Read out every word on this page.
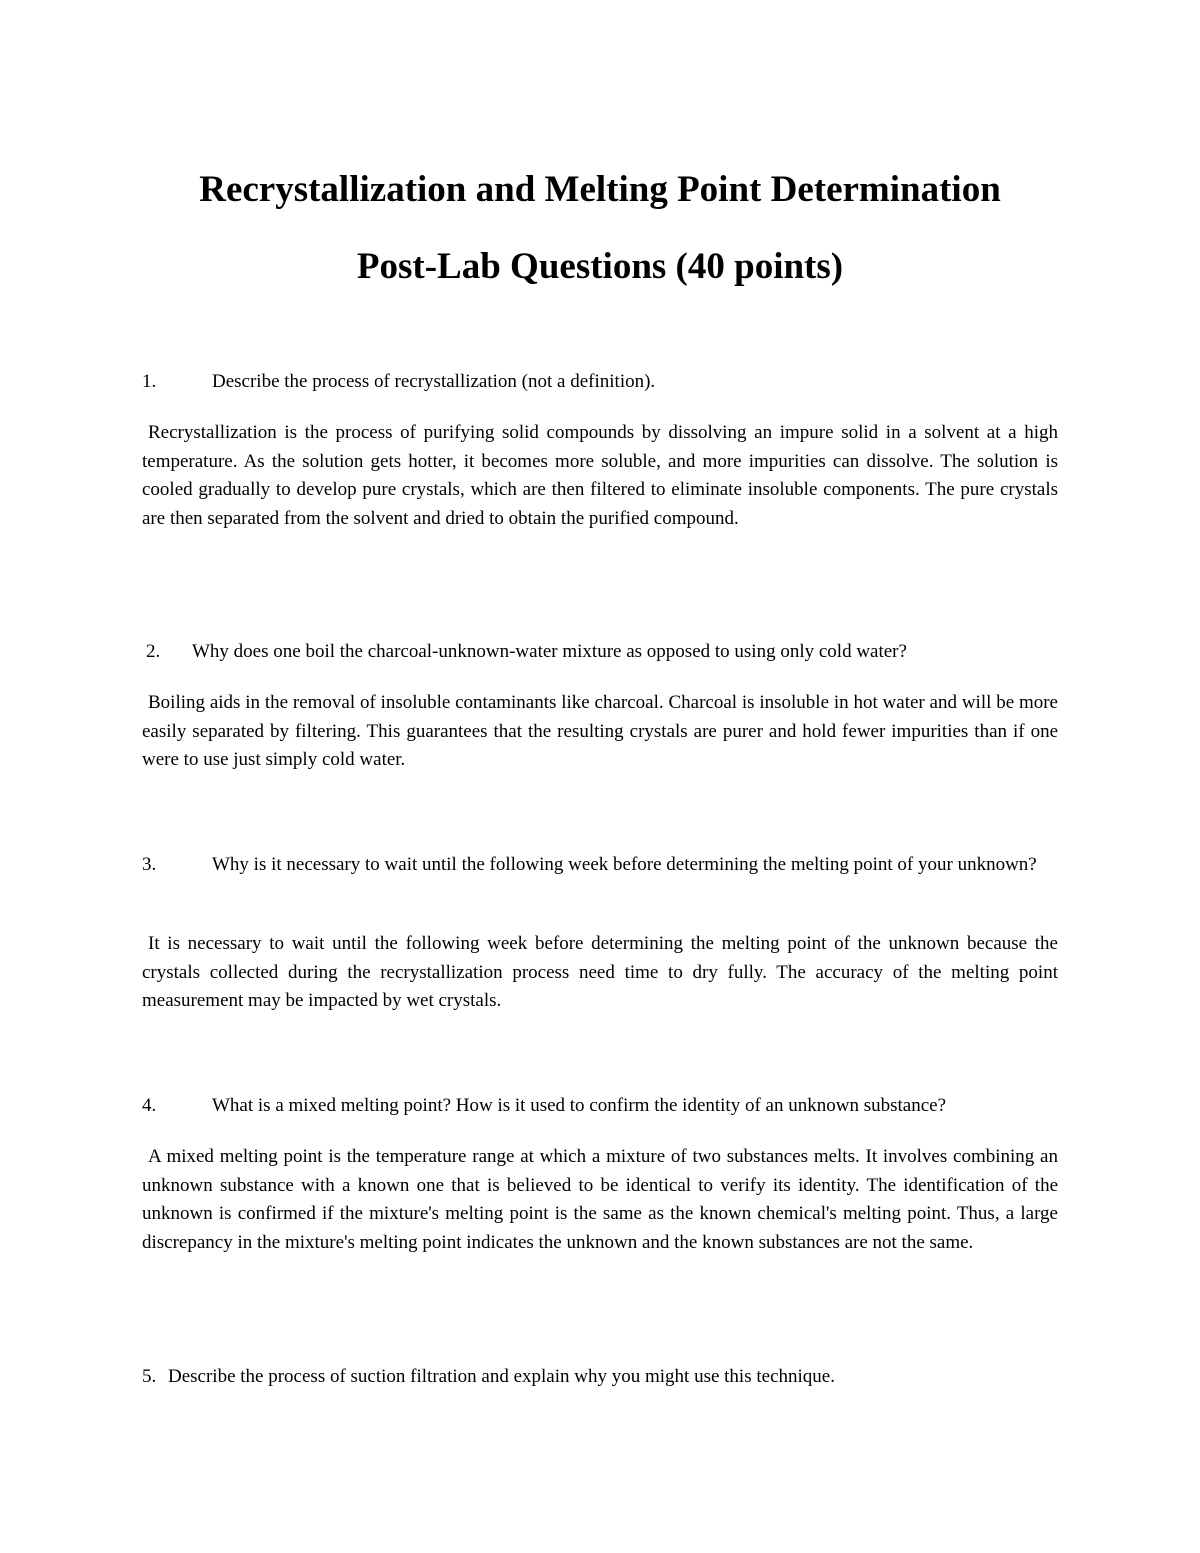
Recrystallization and Melting Point Determination
Post-Lab Questions (40 points)
1.	Describe the process of recrystallization (not a definition).

Recrystallization is the process of purifying solid compounds by dissolving an impure solid in a solvent at a high temperature. As the solution gets hotter, it becomes more soluble, and more impurities can dissolve. The solution is cooled gradually to develop pure crystals, which are then filtered to eliminate insoluble components. The pure crystals are then separated from the solvent and dried to obtain the purified compound.

2. Why does one boil the charcoal-unknown-water mixture as opposed to using only cold water?

Boiling aids in the removal of insoluble contaminants like charcoal. Charcoal is insoluble in hot water and will be more easily separated by filtering. This guarantees that the resulting crystals are purer and hold fewer impurities than if one were to use just simply cold water.

3.	Why is it necessary to wait until the following week before determining the melting point of your unknown?

It is necessary to wait until the following week before determining the melting point of the unknown because the crystals collected during the recrystallization process need time to dry fully. The accuracy of the melting point measurement may be impacted by wet crystals.

4.	What is a mixed melting point? How is it used to confirm the identity of an unknown substance?

A mixed melting point is the temperature range at which a mixture of two substances melts. It involves combining an unknown substance with a known one that is believed to be identical to verify its identity. The identification of the unknown is confirmed if the mixture's melting point is the same as the known chemical's melting point. Thus, a large discrepancy in the mixture's melting point indicates the unknown and the known substances are not the same.

5. Describe the process of suction filtration and explain why you might use this technique.
